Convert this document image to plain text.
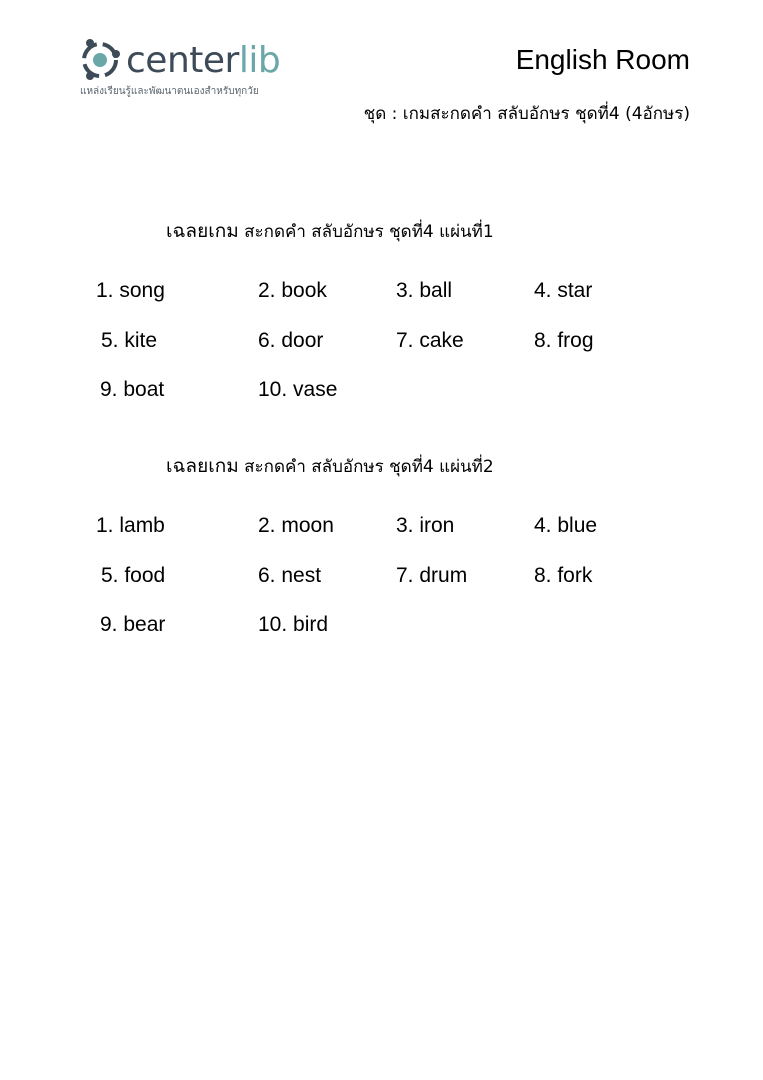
centerlib
แหล่งเรียนรู้และพัฒนาตนเองสำหรับทุกวัย
English Room
ชุด : เกมสะกดคำ สลับอักษร ชุดที่4 (4อักษร)
เฉลยเกม สะกดคำ สลับอักษร ชุดที่4 แผ่นที่1
เฉลยเกม สะกดคำ สลับอักษร ชุดที่4 แผ่นที่2
1. song	2. book	3. ball	4. star
5. kite	6. door	7. cake	8. frog
9. boat	10. vase
1. lamb	2. moon	3. iron	4. blue
5. food	6. nest	7. drum	8. fork
9. bear	10. bird
